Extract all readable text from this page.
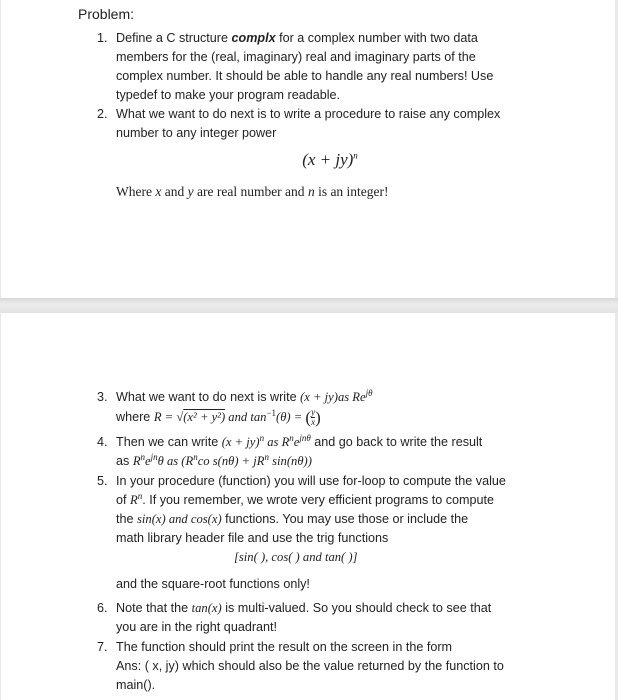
Problem:
1. Define a C structure complx for a complex number with two data
members for the (real, imaginary) real and imaginary parts of the
complex number. It should be able to handle any real numbers! Use
typedef to make your program readable.
2. What we want to do next is to write a procedure to raise any complex
number to any integer power
(x + jy)$^n$
Where x and y are real number and n is an integer!
3. What we want to do next is write (x + jy)as $Re^{j\theta}$
where R = √(x² + y²) and $\tan^{-1}(\theta)$ = ( $\frac{y}{x}$ )
4. Then we can write (x + jy)$^n$ as $R^ne^{jn\theta}$ and go back to write the result
as $R^ne^{jn}\theta$ as ($R^nco$ $s(n\theta) + jR^n$ sin(nθ))
5. In your procedure (function) you will use for-loop to compute the value
of $R^n$. If you remember, we wrote very efficient programs to compute
the sin(x) and cos(x) functions. You may use those or include the
math library header file and use the trig functions
[sin( ), cos( ) and tan( )]
and the square-root functions only!
6. Note that the tan(x) is multi-valued. So you should check to see that
you are in the right quadrant!
7. The function should print the result on the screen in the form
Ans: ( x, jy) which should also be the value returned by the function to
main().
